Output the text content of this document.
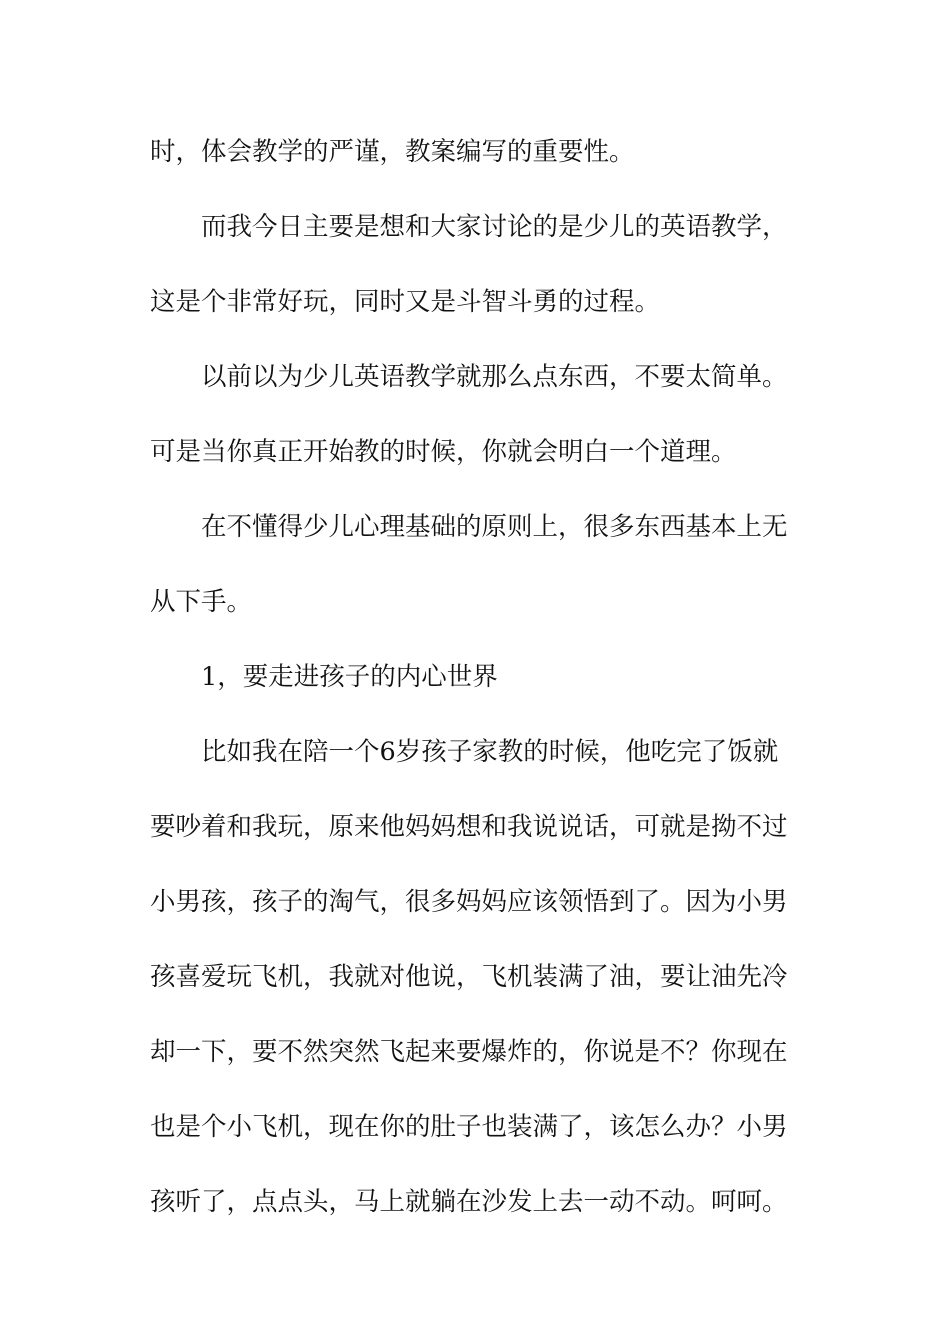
时，体会教学的严谨，教案编写的重要性。
而我今日主要是想和大家讨论的是少儿的英语教学，
这是个非常好玩，同时又是斗智斗勇的过程。
以前以为少儿英语教学就那么点东西，不要太简单。
可是当你真正开始教的时候，你就会明白一个道理。
在不懂得少儿心理基础的原则上，很多东西基本上无
从下手。
1，要走进孩子的内心世界
比如我在陪一个6岁孩子家教的时候，他吃完了饭就
要吵着和我玩，原来他妈妈想和我说说话，可就是拗不过
小男孩，孩子的淘气，很多妈妈应该领悟到了。因为小男
孩喜爱玩飞机，我就对他说，飞机装满了油，要让油先冷
却一下，要不然突然飞起来要爆炸的，你说是不？你现在
也是个小飞机，现在你的肚子也装满了，该怎么办？小男
孩听了，点点头，马上就躺在沙发上去一动不动。呵呵。
